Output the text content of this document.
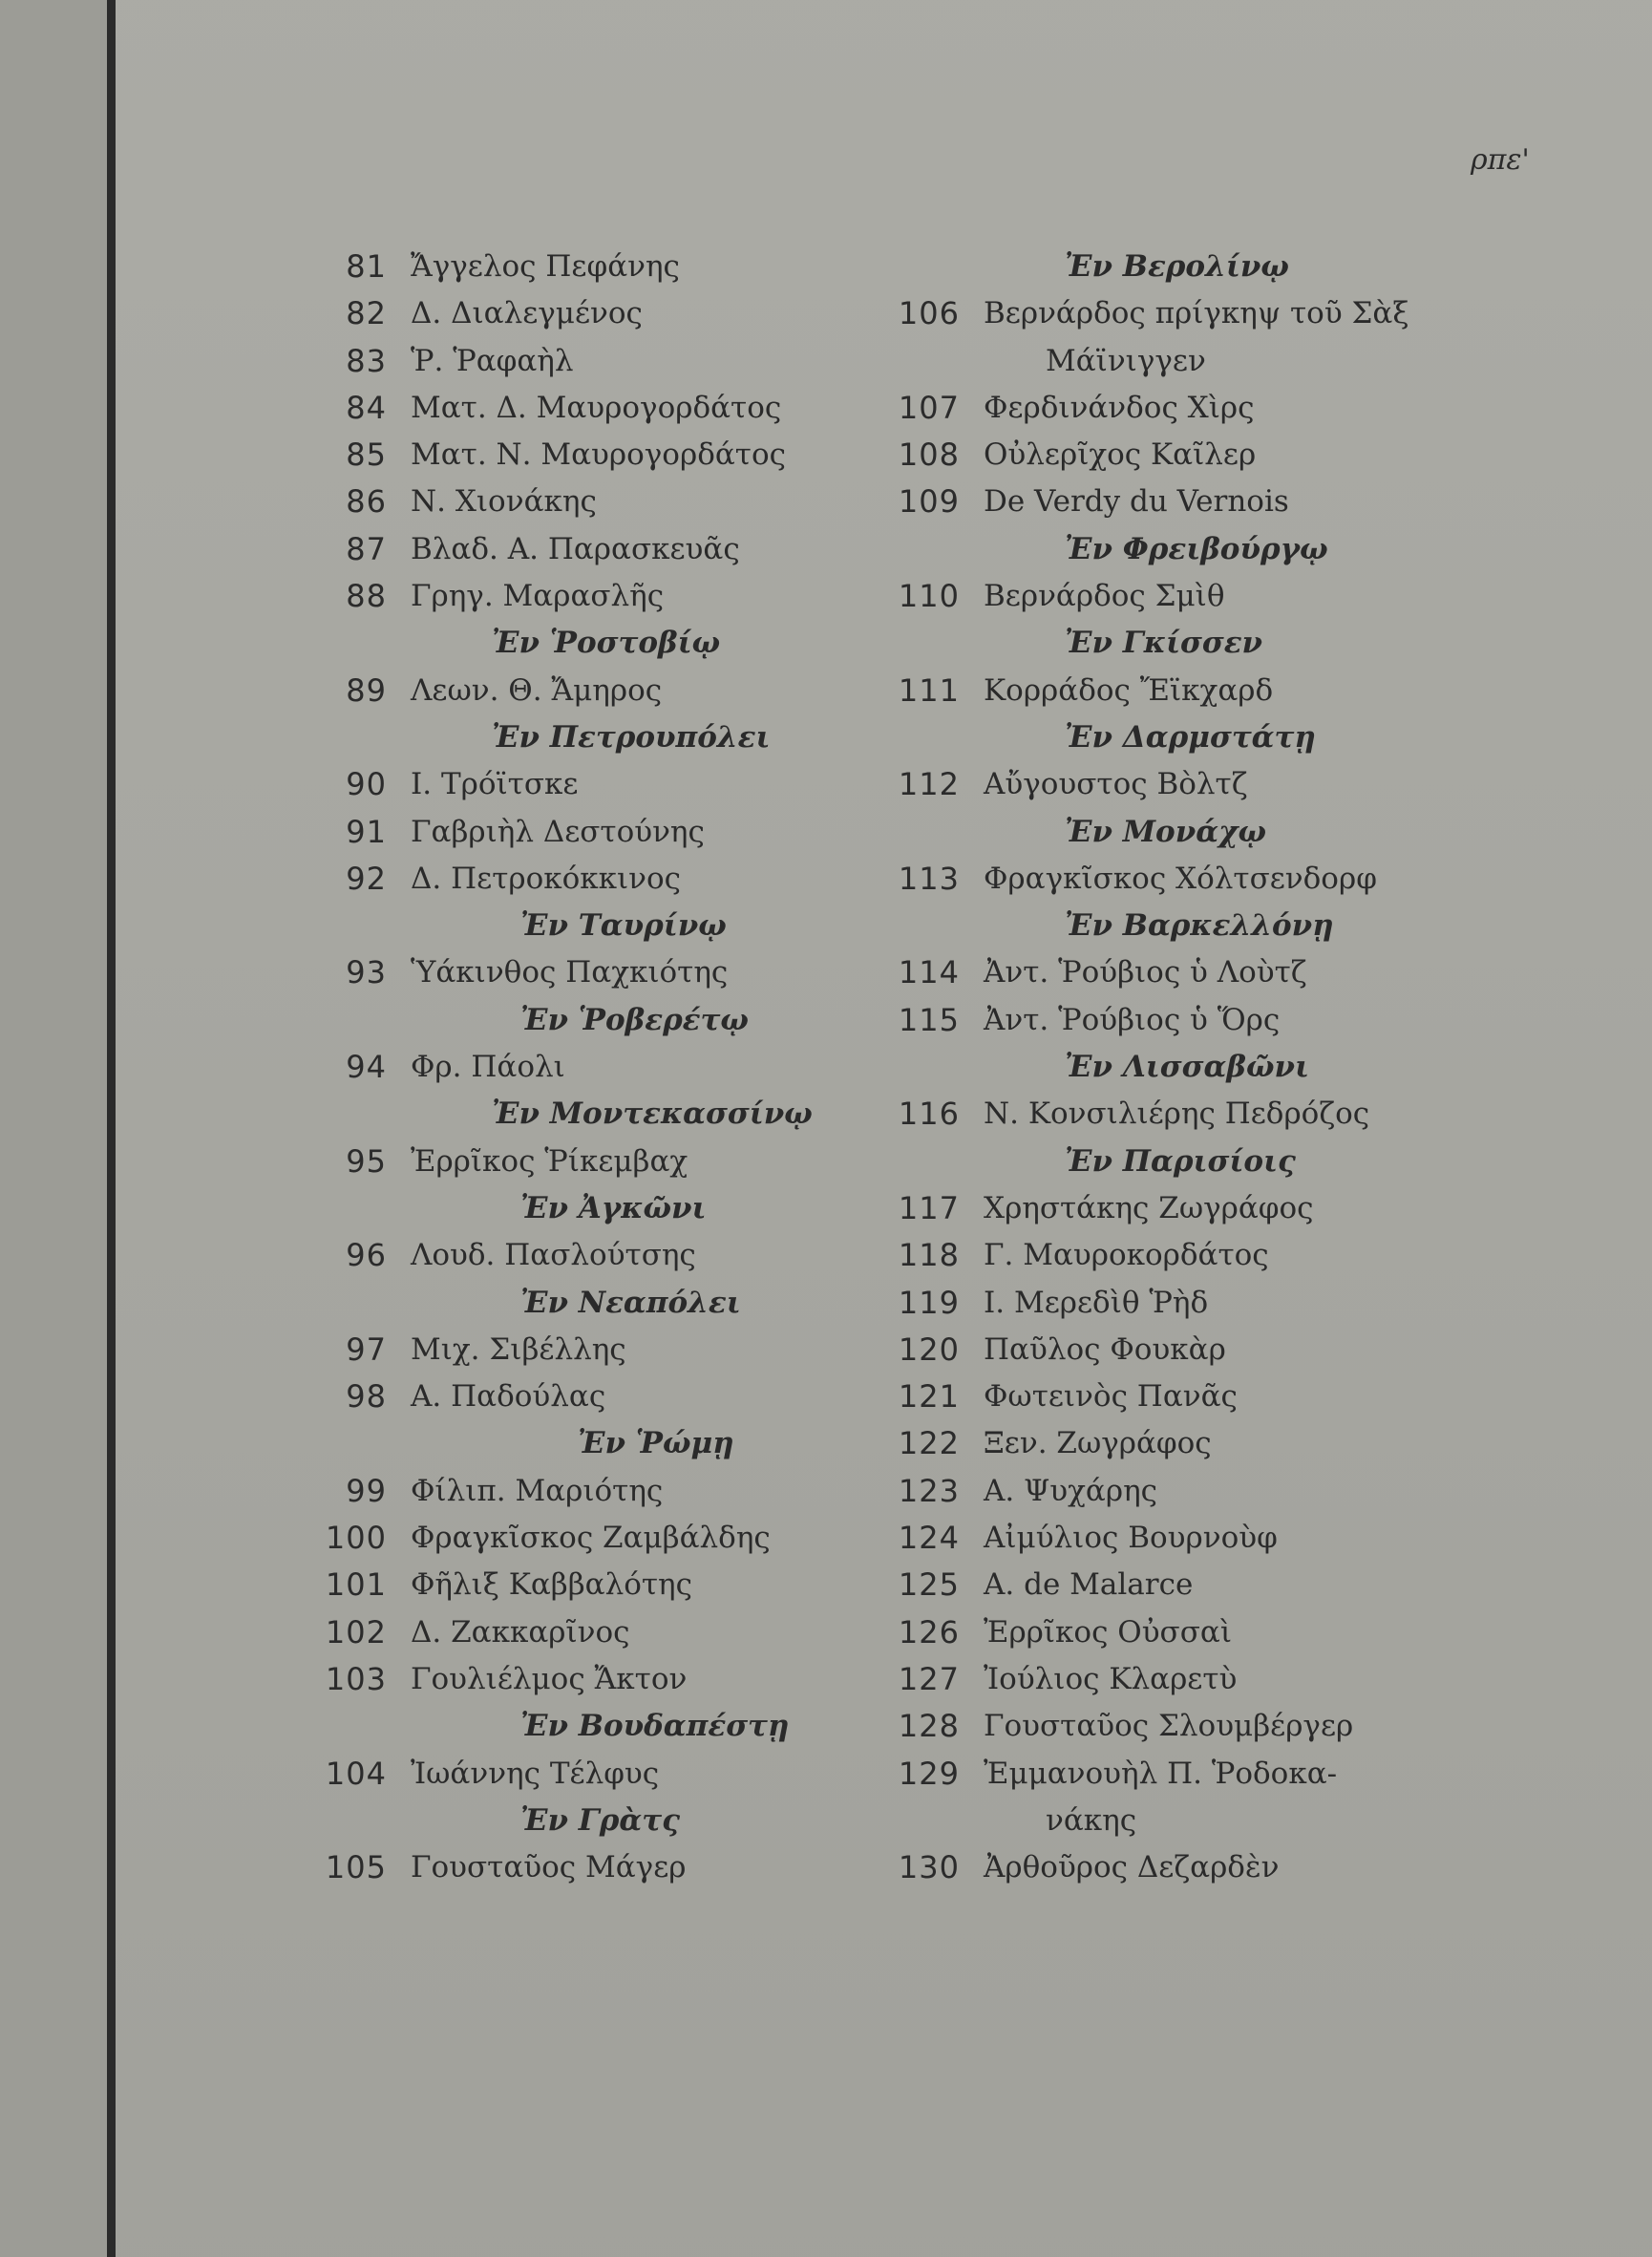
ρπε'
81 Ἄγγελος Πεφάνης
82 Δ. Διαλεγμένος
83 Ῥ. Ῥαφαὴλ
84 Ματ. Δ. Μαυρογορδάτος
85 Ματ. Ν. Μαυρογορδάτος
86 Ν. Χιονάκης
87 Βλαδ. Α. Παρασκευᾶς
88 Γρηγ. Μαρασλῆς
Ἐν Ῥοστοβίῳ
89 Λεων. Θ. Ἄμηρος
Ἐν Πετρουπόλει
90 Ι. Τρόϊτσκε
91 Γαβριὴλ Δεστούνης
92 Δ. Πετροκόκκινος
Ἐν Ταυρίνῳ
93 Ὑάκινθος Παχκιότης
Ἐν Ῥοβερέτῳ
94 Φρ. Πάολι
Ἐν Μοντεκασσίνῳ
95 Ἐρρῖκος Ῥίκεμβαχ
Ἐν Ἀγκῶνι
96 Λουδ. Πασλούτσης
Ἐν Νεαπόλει
97 Μιχ. Σιβέλλης
98 Α. Παδούλας
Ἐν Ῥώμῃ
99 Φίλιπ. Μαριότης
100 Φραγκῖσκος Ζαμβάλδης
101 Φῆλιξ Καββαλότης
102 Δ. Ζακκαρῖνος
103 Γουλιέλμος Ἄκτον
Ἐν Βουδαπέστῃ
104 Ἰωάννης Τέλφυς
Ἐν Γρὰτς
105 Γουσταῦος Μάγερ
Ἐν Βερολίνῳ
106 Βερνάρδος πρίγκηψ τοῦ Σὰξ
Μάϊνιγγεν
107 Φερδινάνδος Χὶρς
108 Οὐλερῖχος Καῖλερ
109 De Verdy du Vernois
Ἐν Φρειβούργῳ
110 Βερνάρδος Σμὶθ
Ἐν Γκίσσεν
111 Κορράδος Ἔϊκχαρδ
Ἐν Δαρμστάτῃ
112 Αὔγουστος Βὸλτζ
Ἐν Μονάχῳ
113 Φραγκῖσκος Χόλτσενδορφ
Ἐν Βαρκελλόνῃ
114 Ἀντ. Ῥούβιος ὑ Λοὺτζ
115 Ἀντ. Ῥούβιος ὑ Ὅρς
Ἐν Λισσαβῶνι
116 Ν. Κονσιλιέρης Πεδρόζος
Ἐν Παρισίοις
117 Χρηστάκης Ζωγράφος
118 Γ. Μαυροκορδάτος
119 Ι. Μερεδὶθ Ῥὴδ
120 Παῦλος Φουκὰρ
121 Φωτεινὸς Πανᾶς
122 Ξεν. Ζωγράφος
123 Α. Ψυχάρης
124 Αἰμύλιος Βουρνοὺφ
125 A. de Malarce
126 Ἐρρῖκος Οὐσσαὶ
127 Ἰούλιος Κλαρετὺ
128 Γουσταῦος Σλουμβέργερ
129 Ἐμμανουὴλ Π. Ῥοδοκα-
νάκης
130 Ἀρθοῦρος Δεζαρδὲν
